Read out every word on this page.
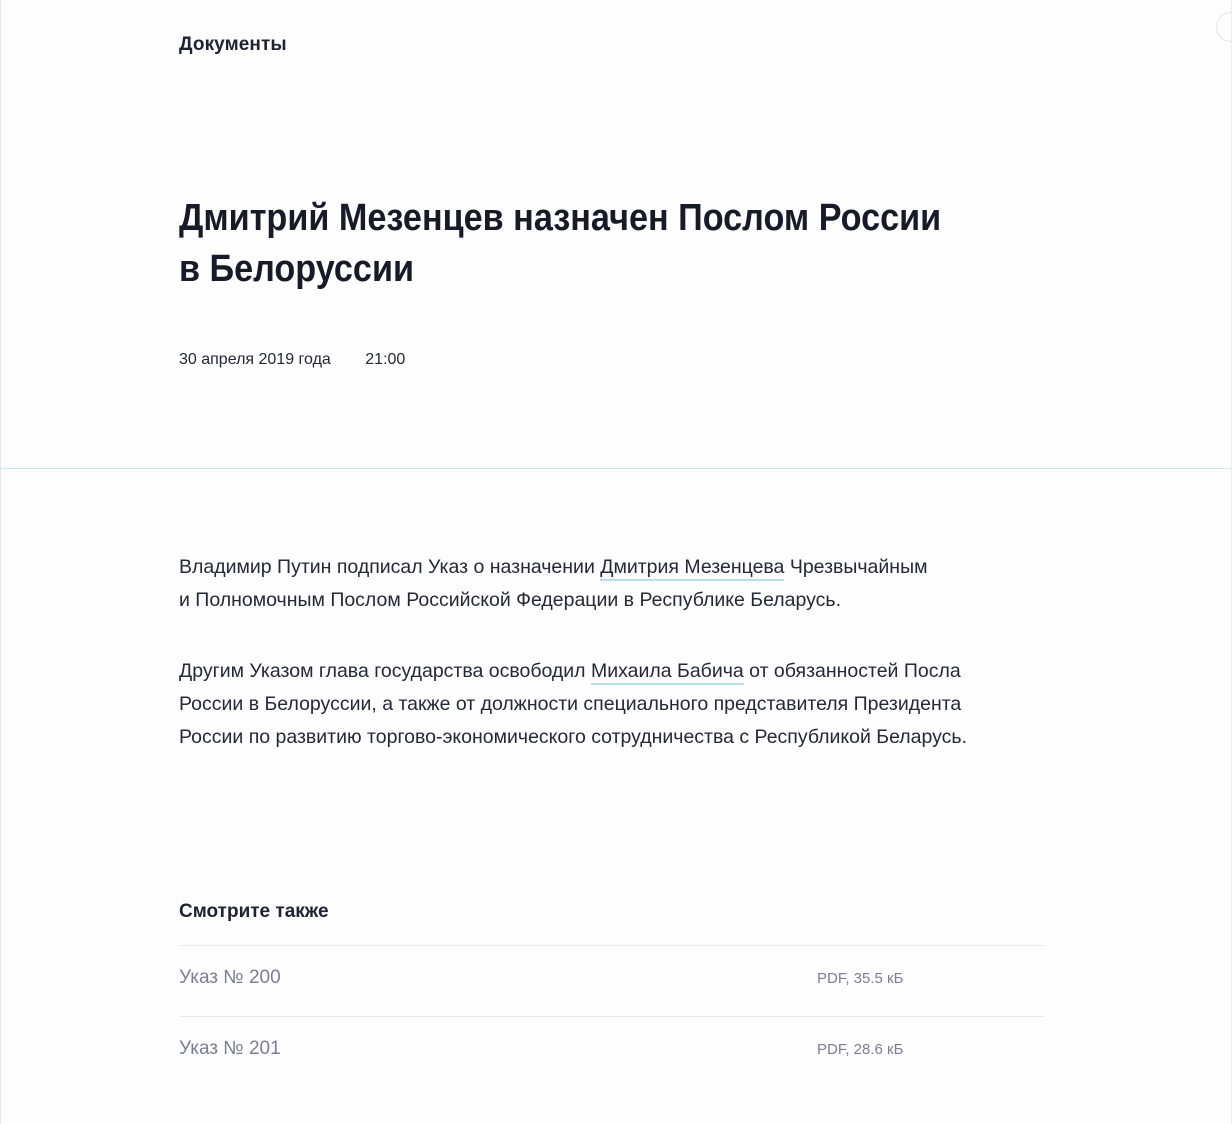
Документы
Дмитрий Мезенцев назначен Послом России
в Белоруссии
30 апреля 2019 года 21:00

Владимир Путин подписал Указ о назначении Дмитрия Мезенцева Чрезвычайным
и Полномочным Послом Российской Федерации в Республике Беларусь.

Другим Указом глава государства освободил Михаила Бабича от обязанностей Посла
России в Белоруссии, а также от должности специального представителя Президента
России по развитию торгово-экономического сотрудничества с Республикой Беларусь.

Смотрите также
Указ № 200	PDF, 35.5 кБ
Указ № 201	PDF, 28.6 кБ
